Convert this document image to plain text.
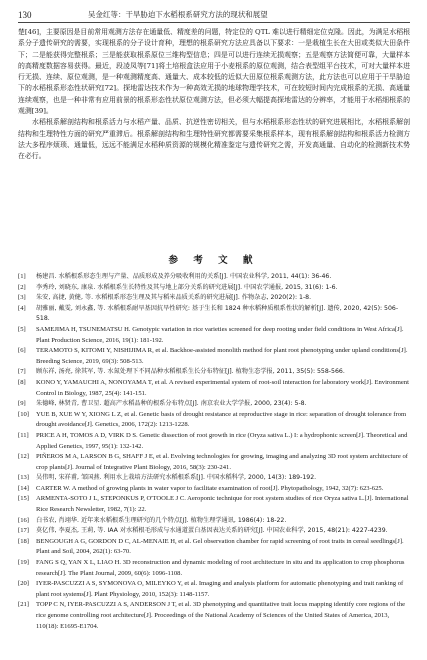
130	吴金红等：干旱胁迫下水稻根系研究方法的现状和展望

楚[46]，主要原因是目前常用观测方法存在通量低、精度差的问题，特定位的 QTL 难以进行精细定位克隆。因此，为满足水稻根系分子遗传研究的需要，实现根系的分子设计育种，理想的根系研究方法应具备以下要求：一是栽植生长在大田或类似大田条件下；二是能获得完整根系；三是能获取根系原位三维构型信息；四是可以进行连续无损观察；五是观察方法简便可靠，大量样本的高精度数据容易获得。最近，段凌凤等[71]将土培根盒法应用于小麦根系的原位观测，结合表型组平台技术，可对大量样本进行无损、连续、原位观测，是一种观测精度高、通量大、成本较低的近似大田原位根系观测方法，此方法也可以应用于干旱胁迫下的水稻根系形态性状研究[72]。探地雷达技术作为一种高效无损的地球物理学技术，可在较短时间内完成根系的无损、高通量连续观察，也是一种非常有应用前景的根系形态性状原位观测方法，但必须大幅提高探地雷达的分辨率，才能用于水稻细根系的观测[39]。

水稻根系解剖结构和根系活力与水稻产量、品质、抗逆性密切相关，但与水稻根系形态性状的研究进展相比，水稻根系解剖结构和生理特性方面的研究严重滞后。根系解剖结构和生理特性研究都需要采集根系样本，现有根系解剖结构和根系活力检测方法大多程序烦琐、通量低，远远不能满足水稻种质资源的规模化精准鉴定与遗传研究之需，开发高通量、自动化的检测新技术势在必行。

参 考 文 献
[1] 杨建昌. 水稻根系形态生理与产量、品质形成及养分吸收利用的关系[J]. 中国农业科学, 2011, 44(1): 36-46.
[2] 李秀玲, 刘晓东, 康泉. 水稻根系生长特性及其与地上部分关系的研究进展[J]. 中国农学通报, 2015, 31(6): 1-6.
[3] 朱安, 高捷, 黄健, 等. 水稻根系形态生理及其与稻米品质关系的研究进展[J]. 作物杂志, 2020(2): 1-8.
[4] 胡雅丽, 戴雯, 刘永鑫, 等. 水稻根系耐旱基因抗旱性研究: 基于生长和 1824 种水稻种质根系性状的解析[J]. 遗传, 2020, 42(5): 506-518.
[5] SAMEJIMA H, TSUNEMATSU H. Genotypic variation in rice varieties screened for deep rooting under field conditions in West Africa[J]. Plant Production Science, 2016, 19(1): 181-192.
[6] TERAMOTO S, KITOMI Y, NISHIJIMA R, et al. Backhoe-assisted monolith method for plant root phenotyping under upland conditions[J]. Breeding Science, 2019, 69(3): 508-513.
[7] 顾东祥, 汤亮, 徐其军, 等. 水氮处理下不同品种水稻根系生长分布特征[J]. 植物生态学报, 2011, 35(5): 558-566.
[8] KONO Y, YAMAUCHI A, NONOYAMA T, et al. A revised experimental system of root-soil interaction for laboratory work[J]. Environment Control in Biology, 1987, 25(4): 141-151.
[9] 朱德峰, 林贤青, 曹卫星. 超高产水稻品种的根系分布特点[J]. 南京农业大学学报, 2000, 23(4): 5-8.
[10] YUE B, XUE W Y, XIONG L Z, et al. Genetic basis of drought resistance at reproductive stage in rice: separation of drought tolerance from drought avoidance[J]. Genetics, 2006, 172(2): 1213-1228.
[11] PRICE A H, TOMOS A D, VIRK D S. Genetic dissection of root growth in rice (Oryza sativa L.) I: a hydrophonic screen[J]. Theoretical and Applied Genetics, 1997, 95(1): 132-142.
[12] PIÑEROS M A, LARSON B G, SHAFF J E, et al. Evolving technologies for growing, imaging and analyzing 3D root system architecture of crop plants[J]. Journal of Integrative Plant Biology, 2016, 58(3): 230-241.
[13] 吴伟明, 宋祥甫, 邹国燕. 利用水上栽培方法研究水稻根系系[J]. 中国水稻科学, 2000, 14(3): 189-192.
[14] CARTER W. A method of growing plants in water vapor to facilitate examination of root[J]. Phytopathology, 1942, 32(7): 623-625.
[15] ARMENTA-SOTO J L, STEPONKUS P, O'TOOLE J C. Aeroponic technique for root system studies of rice Oryza sativa L.[J]. International Rice Research Newsletter, 1982, 7(1): 22.
[16] 白书农, 肖翊华. 近年来水稻根系生理研究的几个特点[J]. 植物生理学通讯, 1986(4): 18-22.
[17] 莫亿伟, 李夏杰, 王莉, 等. IAA 对水稻根毛形成与水通道蛋白基因表达关系的研究[J]. 中国农业科学, 2015, 48(21): 4227-4239.
[18] BENGOUGH A G, GORDON D C, AL-MENAIE H, et al. Gel observation chamber for rapid screening of root traits in cereal seedlings[J]. Plant and Soil, 2004, 262(1): 63-70.
[19] FANG S Q, YAN X L, LIAO H. 3D reconstruction and dynamic modeling of root architecture in situ and its application to crop phosphorus research[J]. The Plant Journal, 2009, 60(6): 1096-1108.
[20] IYER-PASCUZZI A S, SYMONOVA O, MILEYKO Y, et al. Imaging and analysis platform for automatic phenotyping and trait ranking of plant root systems[J]. Plant Physiology, 2010, 152(3): 1148-1157.
[21] TOPP C N, IYER-PASCUZZI A S, ANDERSON J T, et al. 3D phenotyping and quantitative trait locus mapping identify core regions of the rice genome controlling root architecture[J]. Proceedings of the National Academy of Sciences of the United States of America, 2013, 110(18): E1695-E1704.
